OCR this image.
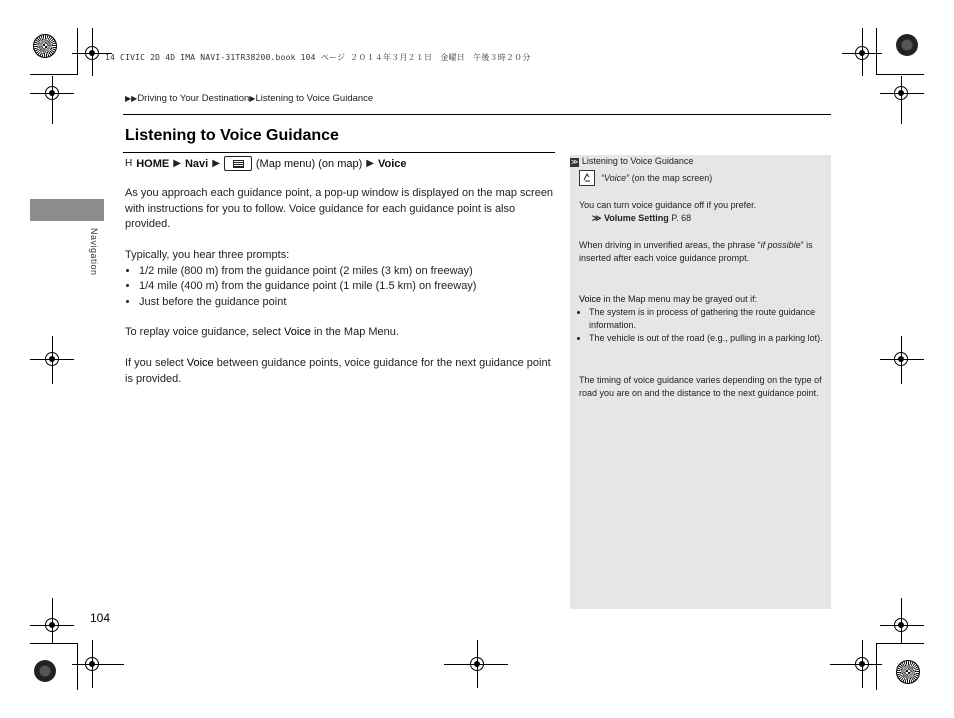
14 CIVIC 2D 4D IMA NAVI-31TR38200.book 104 ページ ２０１４年３月２１日　金曜日　午後３時２０分
▶▶Driving to Your Destination▶Listening to Voice Guidance
Navigation
Listening to Voice Guidance
H HOME ▶ Navi ▶	(Map menu) (on map) ▶ Voice
As you approach each guidance point, a pop-up window is displayed on the map screen with instructions for you to follow. Voice guidance for each guidance point is also provided.
Typically, you hear three prompts:
• 1/2 mile (800 m) from the guidance point (2 miles (3 km) on freeway)
• 1/4 mile (400 m) from the guidance point (1 mile (1.5 km) on freeway)
• Just before the guidance point
To replay voice guidance, select Voice in the Map Menu.
If you select Voice between guidance points, voice guidance for the next guidance point is provided.
≫ Listening to Voice Guidance
“Voice” (on the map screen)
You can turn voice guidance off if you prefer.
≫ Volume Setting P. 68
When driving in unverified areas, the phrase “if possible” is inserted after each voice guidance prompt.
Voice in the Map menu may be grayed out if:
• The system is in process of gathering the route guidance information.
• The vehicle is out of the road (e.g., pulling in a parking lot).
The timing of voice guidance varies depending on the type of road you are on and the distance to the next guidance point.
104
